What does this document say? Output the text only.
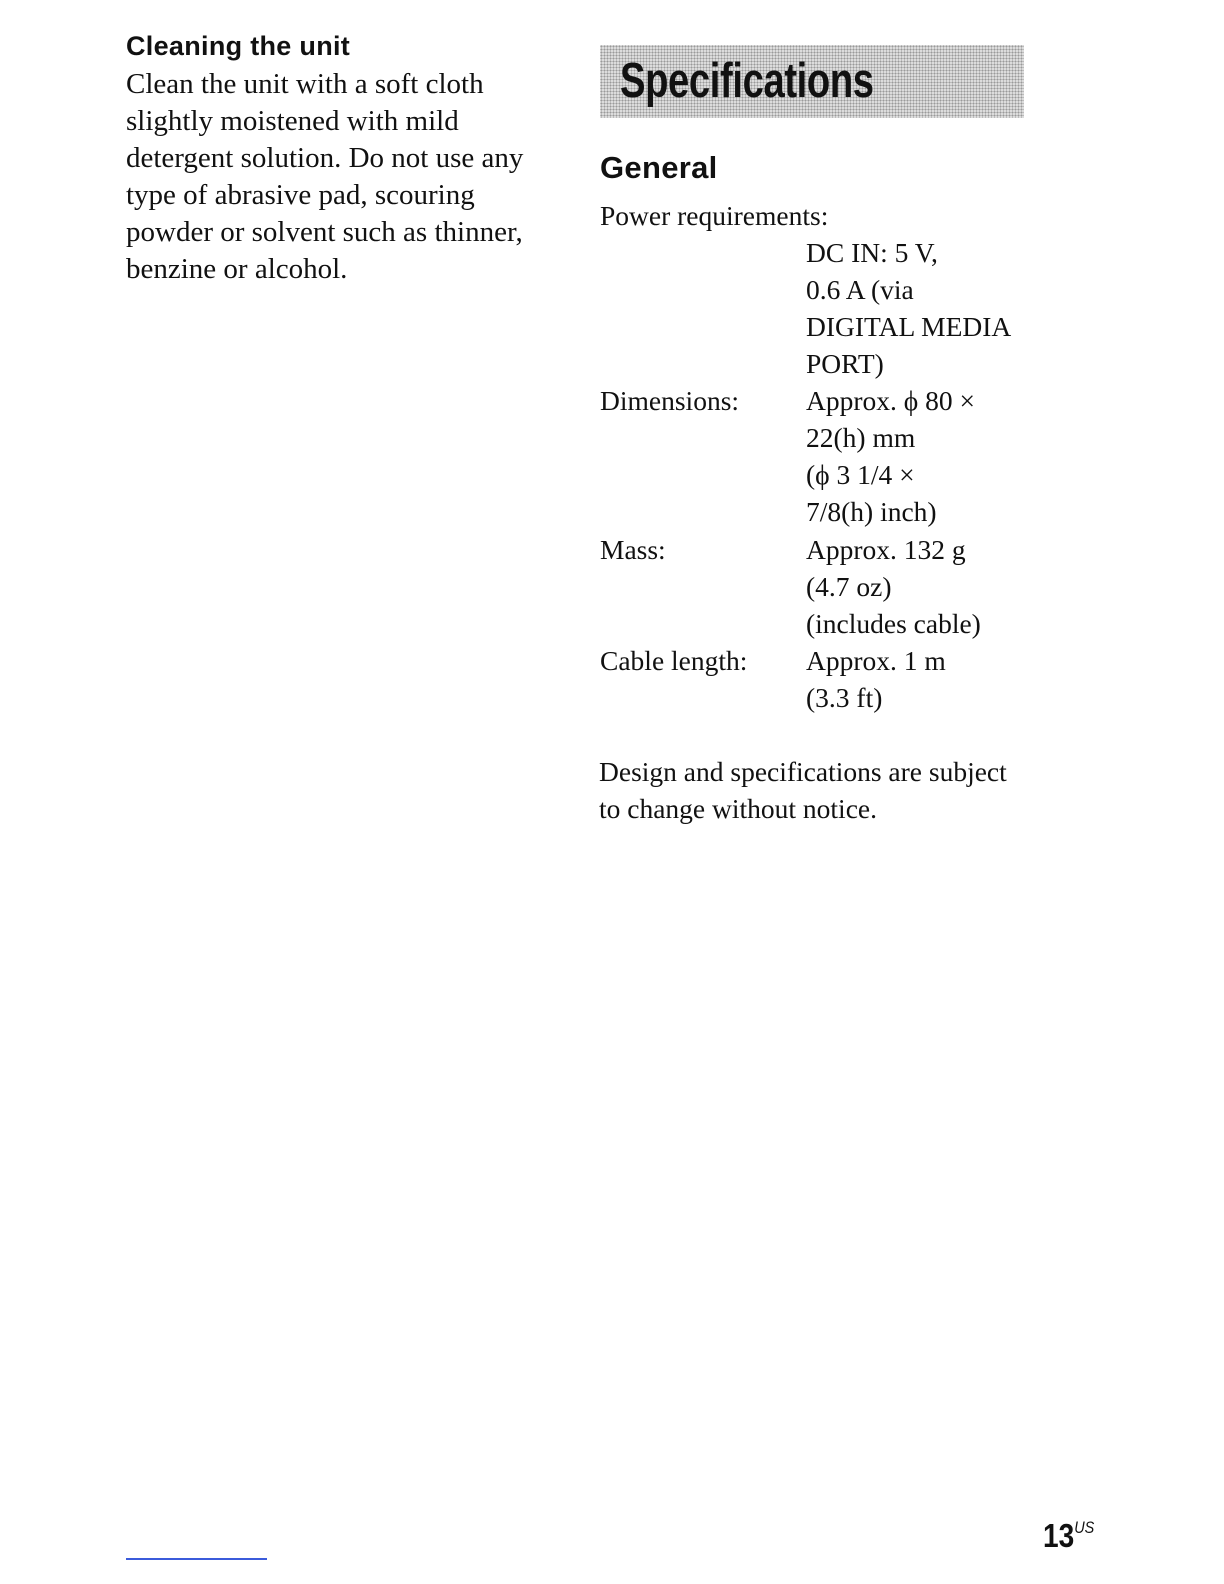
Cleaning the unit

Clean the unit with a soft cloth
slightly moistened with mild
detergent solution. Do not use any
type of abrasive pad, scouring
powder or solvent such as thinner,
benzine or alcohol.

Specifications
General
Power requirements:
DC IN: 5 V,
0.6 A (via
DIGITAL MEDIA
PORT)
Dimensions: Approx. ϕ 80 ×
22(h) mm
(ϕ 3 1/4 ×
7/8(h) inch)
Mass:	Approx. 132 g
(4.7 oz)
(includes cable)
Cable length: Approx. 1 m
(3.3 ft)

Design and specifications are subject
to change without notice.

$13^{US}$
